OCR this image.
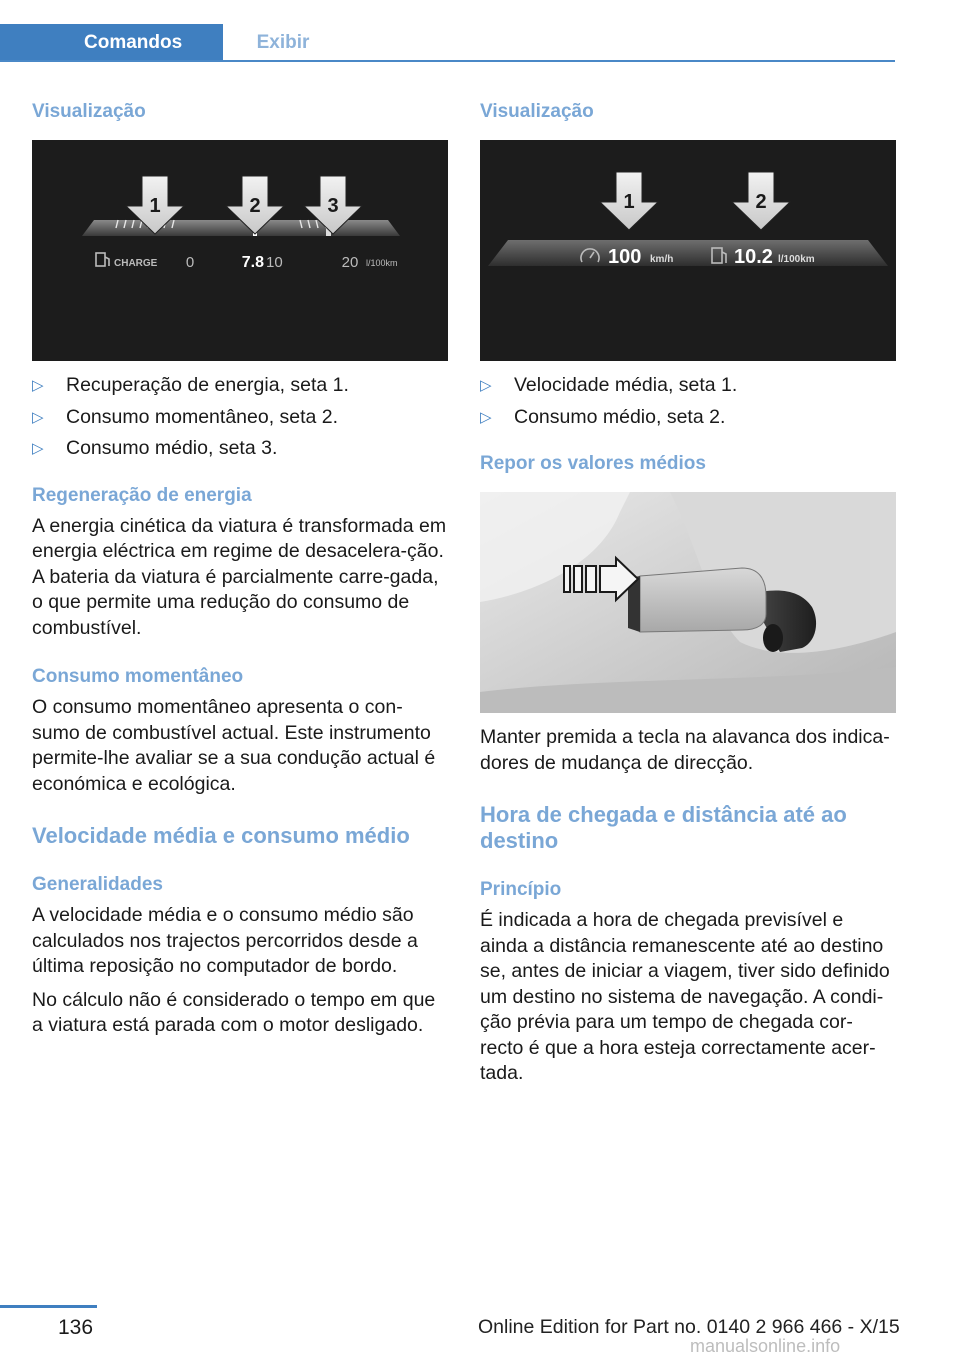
Comandos	Exibir
Visualização
1	2	3
CHARGE 0	7.8 10	20 l/100km
▷ Recuperação de energia, seta 1.
▷ Consumo momentâneo, seta 2.
▷ Consumo médio, seta 3.
Regeneração de energia

A energia cinética da viatura é transformada em energia eléctrica em regime de desacelera‐ção. A bateria da viatura é parcialmente carre‐gada, o que permite uma redução do consumo de combustível.

Consumo momentâneo

O consumo momentâneo apresenta o con‐sumo de combustível actual. Este instrumento permite-lhe avaliar se a sua condução actual é económica e ecológica.

Velocidade média e consumo médio
Generalidades

A velocidade média e o consumo médio são calculados nos trajectos percorridos desde a última reposição no computador de bordo.

No cálculo não é considerado o tempo em que a viatura está parada com o motor desligado.

Visualização
1	2
100 km/h	10.2 l/100km
▷ Velocidade média, seta 1.
▷ Consumo médio, seta 2.
Repor os valores médios

Manter premida a tecla na alavanca dos indica‐dores de mudança de direcção.

Hora de chegada e distância até ao destino
Princípio

É indicada a hora de chegada previsível e ainda a distância remanescente até ao destino se, antes de iniciar a viagem, tiver sido definido um destino no sistema de navegação. A condi‐ção prévia para um tempo de chegada cor‐recto é que a hora esteja correctamente acer‐tada.

136	Online Edition for Part no. 0140 2 966 466 - X/15
manualsonline.info
